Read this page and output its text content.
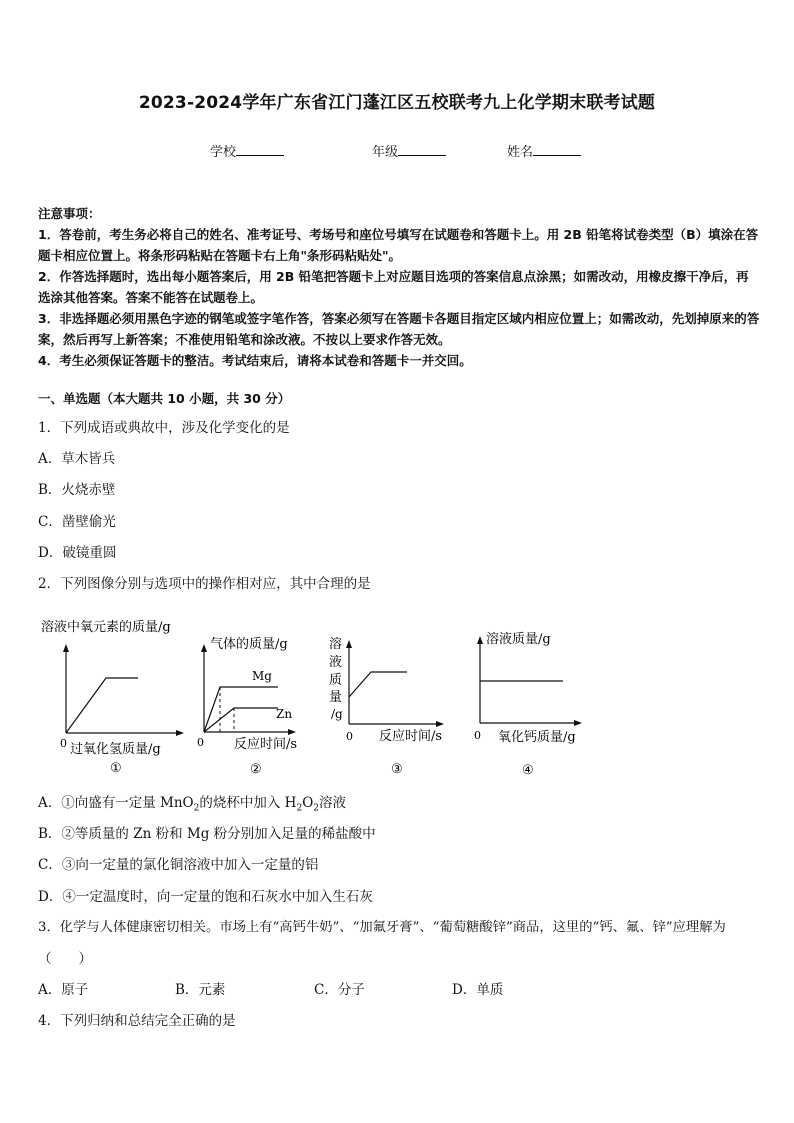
2023-2024学年广东省江门蓬江区五校联考九上化学期末联考试题
学校	年级	姓名

注意事项：

1．答卷前，考生务必将自己的姓名、准考证号、考场号和座位号填写在试题卷和答题卡上。用 2B 铅笔将试卷类型（B）填涂在答题卡相应位置上。将条形码粘贴在答题卡右上角"条形码粘贴处"。

2．作答选择题时，选出每小题答案后，用 2B 铅笔把答题卡上对应题目选项的答案信息点涂黑；如需改动，用橡皮擦干净后，再选涂其他答案。答案不能答在试题卷上。

3．非选择题必须用黑色字迹的钢笔或签字笔作答，答案必须写在答题卡各题目指定区域内相应位置上；如需改动，先划掉原来的答案，然后再写上新答案；不准使用铅笔和涂改液。不按以上要求作答无效。

4．考生必须保证答题卡的整洁。考试结束后，请将本试卷和答题卡一并交回。

一、单选题（本大题共 10 小题，共 30 分）
1．下列成语或典故中，涉及化学变化的是
A．草木皆兵
B．火烧赤壁
C．凿壁偷光
D．破镜重圆
2．下列图像分别与选项中的操作相对应，其中合理的是
溶液中氧元素的质量/g
0 过氧化氢质量/g
①
气体的质量/g
Mg
Zn
0 反应时间/s
②
溶
液
质
量
/g
0 反应时间/s
③
溶液质量/g
0 氧化钙质量/g
④
A．①向盛有一定量 MnO$_2$的烧杯中加入 $H_2O_2$溶液
B．②等质量的 Zn 粉和 Mg 粉分别加入足量的稀盐酸中
C．③向一定量的氯化铜溶液中加入一定量的铝
D．④一定温度时，向一定量的饱和石灰水中加入生石灰
3．化学与人体健康密切相关。市场上有“高钙牛奶”、“加氟牙膏”、“葡萄糖酸锌”商品，这里的“钙、氟、锌”应理解为
（　　）
A．原子	B．元素	C．分子	D．单质
4．下列归纳和总结完全正确的是
